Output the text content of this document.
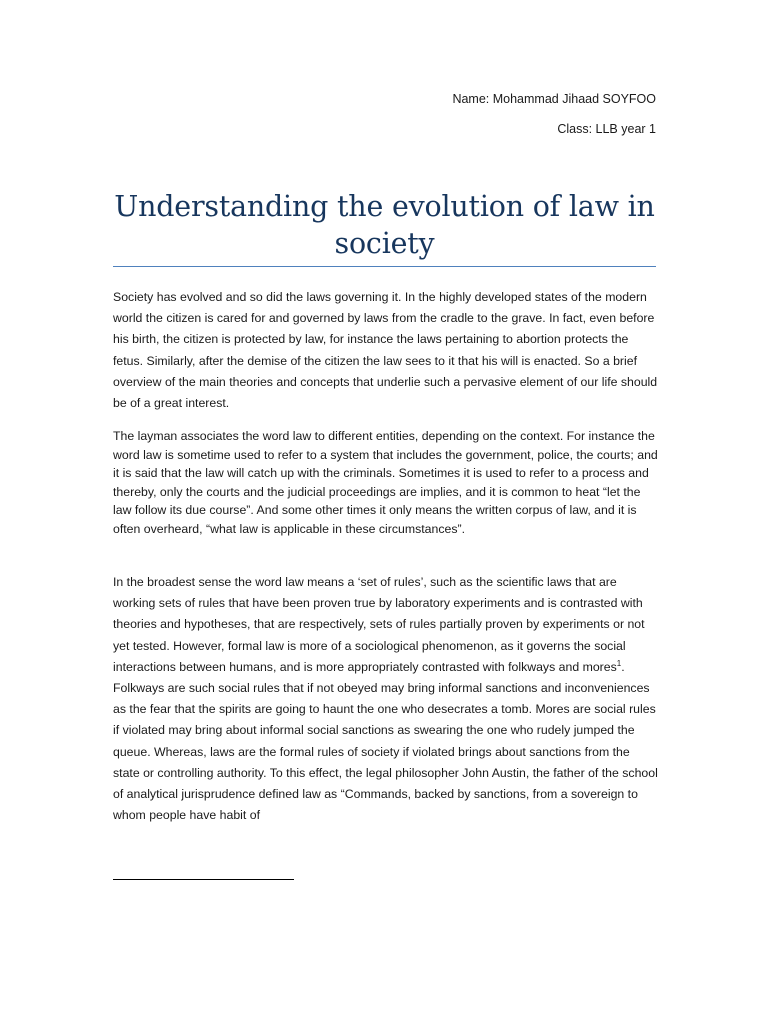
Name: Mohammad Jihaad SOYFOO
Class: LLB year 1
Understanding the evolution of law in society

Society has evolved and so did the laws governing it. In the highly developed states of the modern world the citizen is cared for and governed by laws from the cradle to the grave. In fact, even before his birth, the citizen is protected by law, for instance the laws pertaining to abortion protects the fetus. Similarly, after the demise of the citizen the law sees to it that his will is enacted. So a brief overview of the main theories and concepts that underlie such a pervasive element of our life should be of a great interest.

The layman associates the word law to different entities, depending on the context. For instance the word law is sometime used to refer to a system that includes the government, police, the courts; and it is said that the law will catch up with the criminals. Sometimes it is used to refer to a process and thereby, only the courts and the judicial proceedings are implies, and it is common to heat “let the law follow its due course”. And some other times it only means the written corpus of law, and it is often overheard, “what law is applicable in these circumstances”.

In the broadest sense the word law means a ‘set of rules’, such as the scientific laws that are working sets of rules that have been proven true by laboratory experiments and is contrasted with theories and hypotheses, that are respectively, sets of rules partially proven by experiments or not yet tested. However, formal law is more of a sociological phenomenon, as it governs the social interactions between humans, and is more appropriately contrasted with folkways and mores$^1$. Folkways are such social rules that if not obeyed may bring informal sanctions and inconveniences as the fear that the spirits are going to haunt the one who desecrates a tomb. Mores are social rules if violated may bring about informal social sanctions as swearing the one who rudely jumped the queue. Whereas, laws are the formal rules of society if violated brings about sanctions from the state or controlling authority. To this effect, the legal philosopher John Austin, the father of the school of analytical jurisprudence defined law as “Commands, backed by sanctions, from a sovereign to whom people have habit of
